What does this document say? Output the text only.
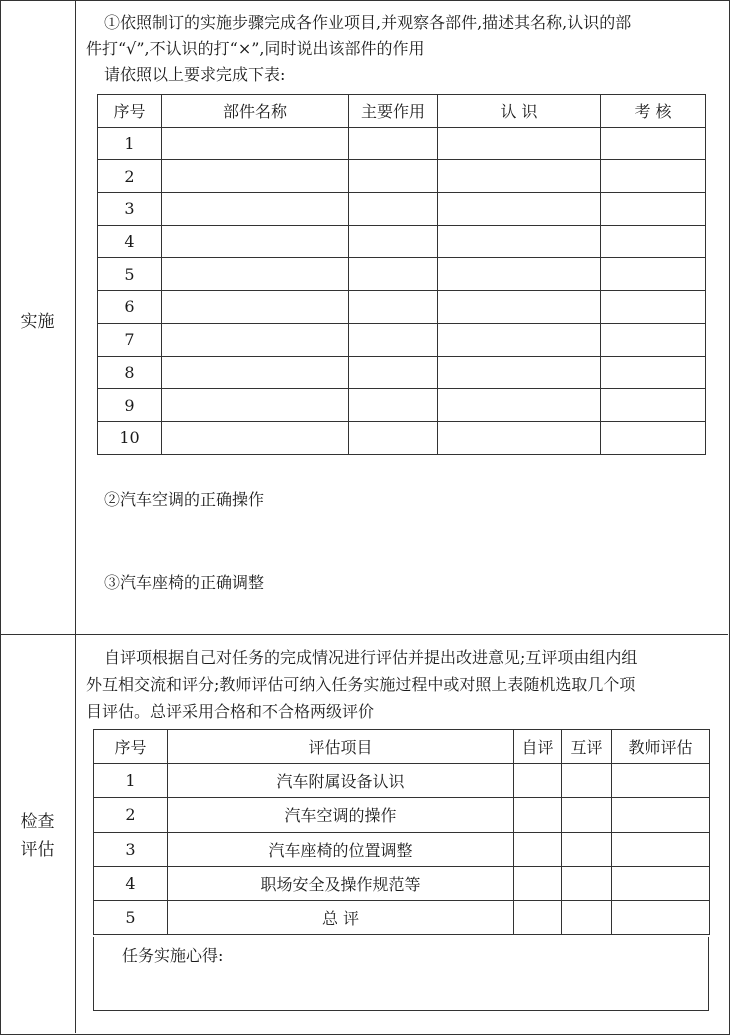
实施
①依照制订的实施步骤完成各作业项目,并观察各部件,描述其名称,认识的部
件打“√”,不认识的打“×”,同时说出该部件的作用
请依照以上要求完成下表:
序号	部件名称	主要作用	认 识	考 核
1				
2				
3				
4				
5				
6				
7				
8				
9				
10				
②汽车空调的正确操作
③汽车座椅的正确调整
检查
评估
自评项根据自己对任务的完成情况进行评估并提出改进意见;互评项由组内组
外互相交流和评分;教师评估可纳入任务实施过程中或对照上表随机选取几个项
目评估。总评采用合格和不合格两级评价
序号	评估项目	自评	互评	教师评估
1	汽车附属设备认识			
2	汽车空调的操作			
3	汽车座椅的位置调整			
4	职场安全及操作规范等			
5	总 评			
任务实施心得:
